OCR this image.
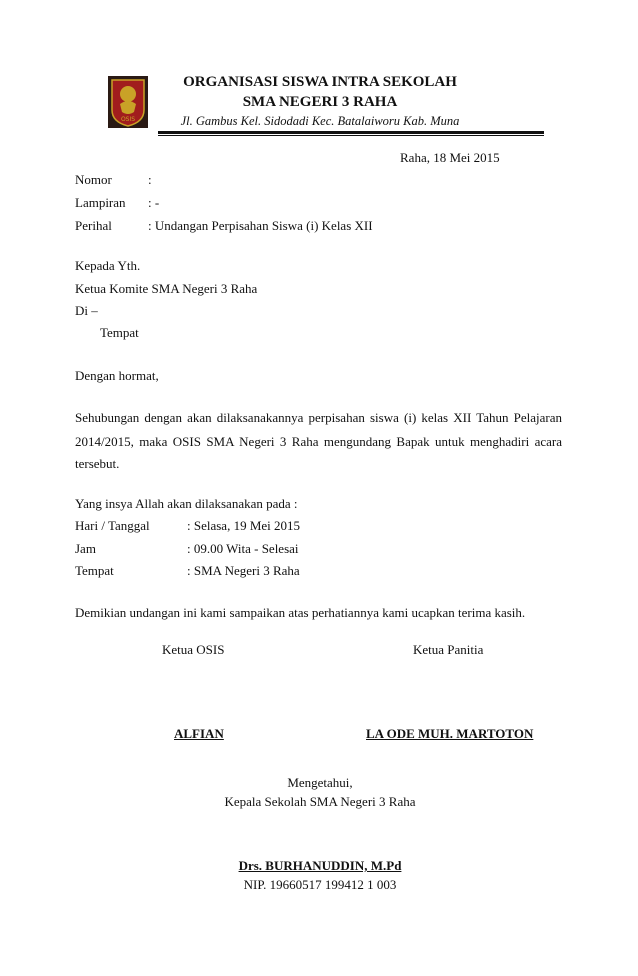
OSIS
ORGANISASI SISWA INTRA SEKOLAH
SMA NEGERI 3 RAHA
Jl. Gambus Kel. Sidodadi Kec. Batalaiworu Kab. Muna
Raha, 18 Mei 2015
Nomor	:
Lampiran : -
Perihal	: Undangan Perpisahan Siswa (i) Kelas XII
Kepada Yth.
Ketua Komite SMA Negeri 3 Raha
Di –
Tempat
Dengan hormat,
Sehubungan dengan akan dilaksanakannya perpisahan siswa (i) kelas XII Tahun Pelajaran
2014/2015, maka OSIS SMA Negeri 3 Raha mengundang Bapak untuk menghadiri acara
tersebut.
Yang insya Allah akan dilaksanakan pada :
Hari / Tanggal	: Selasa, 19 Mei 2015
Jam	: 09.00 Wita - Selesai
Tempat	: SMA Negeri 3 Raha
Demikian undangan ini kami sampaikan atas perhatiannya kami ucapkan terima kasih.
Ketua OSIS	Ketua Panitia
ALFIAN	LA ODE MUH. MARTOTON
Mengetahui,
Kepala Sekolah SMA Negeri 3 Raha
Drs. BURHANUDDIN, M.Pd
NIP. 19660517 199412 1 003
